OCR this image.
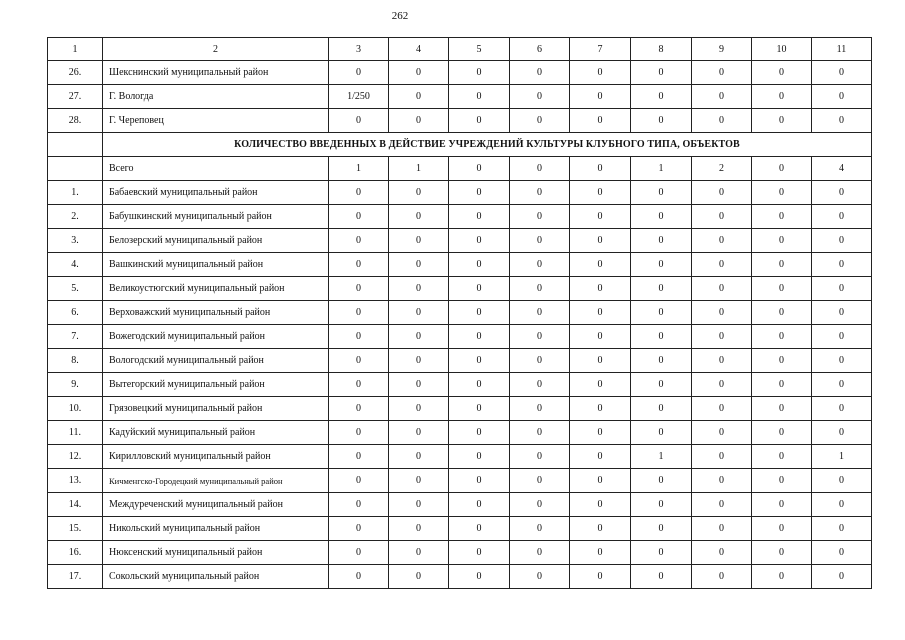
262
1	2	3	4	5	6	7	8	9	10	11
26.	Шекснинский муниципальный район	0	0	0	0	0	0	0	0	0
27.	Г. Вологда	1/250	0	0	0	0	0	0	0	0
28.	Г. Череповец	0	0	0	0	0	0	0	0	0
	КОЛИЧЕСТВО ВВЕДЕННЫХ В ДЕЙСТВИЕ УЧРЕЖДЕНИЙ КУЛЬТУРЫ КЛУБНОГО ТИПА, ОБЪЕКТОВ									
	Всего	1	1	0	0	0	1	2	0	4
1.	Бабаевский муниципальный район	0	0	0	0	0	0	0	0	0
2.	Бабушкинский муниципальный район	0	0	0	0	0	0	0	0	0
3.	Белозерский муниципальный район	0	0	0	0	0	0	0	0	0
4.	Вашкинский муниципальный район	0	0	0	0	0	0	0	0	0
5.	Великоустюгский муниципальный район	0	0	0	0	0	0	0	0	0
6.	Верховажский муниципальный район	0	0	0	0	0	0	0	0	0
7.	Вожегодский муниципальный район	0	0	0	0	0	0	0	0	0
8.	Вологодский муниципальный район	0	0	0	0	0	0	0	0	0
9.	Вытегорский муниципальный район	0	0	0	0	0	0	0	0	0
10.	Грязовецкий муниципальный район	0	0	0	0	0	0	0	0	0
11.	Кадуйский муниципальный район	0	0	0	0	0	0	0	0	0
12.	Кирилловский муниципальный район	0	0	0	0	0	1	0	0	1
13.	Кичменгско-Городецкий муниципальный район	0	0	0	0	0	0	0	0	0
14.	Междуреченский муниципальный район	0	0	0	0	0	0	0	0	0
15.	Никольский муниципальный район	0	0	0	0	0	0	0	0	0
16.	Нюксенский муниципальный район	0	0	0	0	0	0	0	0	0
17.	Сокольский муниципальный район	0	0	0	0	0	0	0	0	0
